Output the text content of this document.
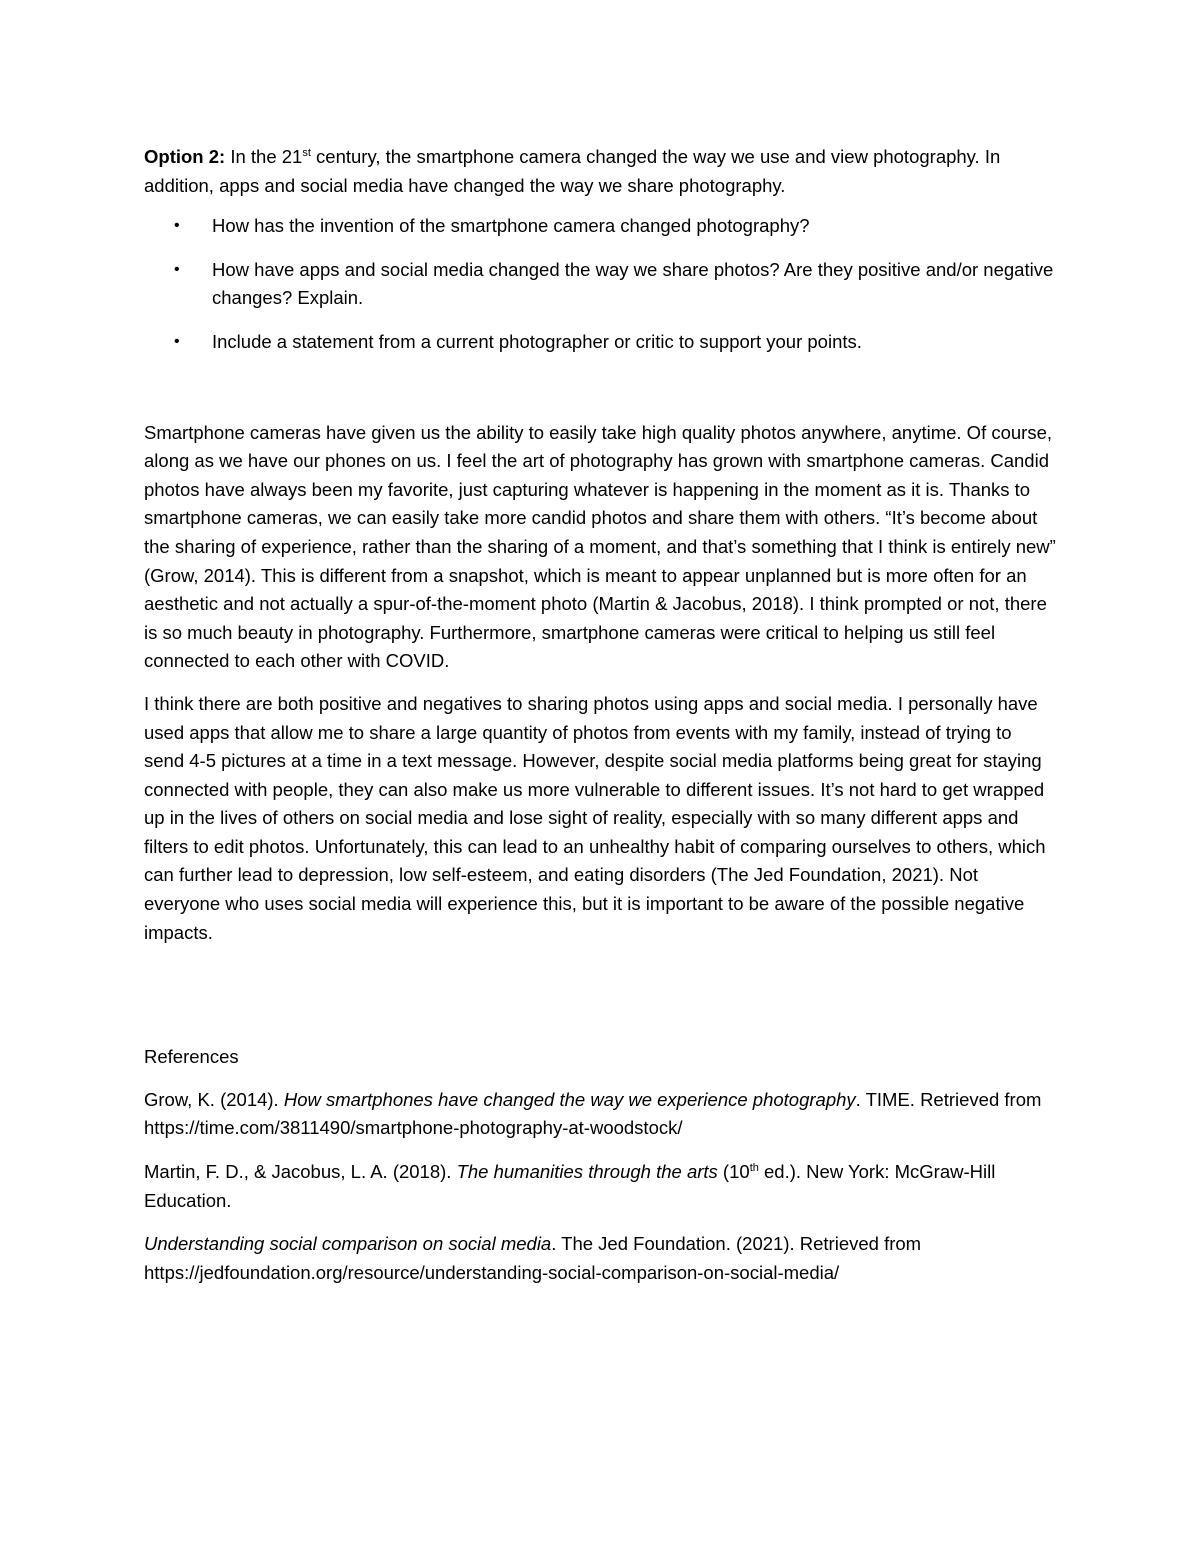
Option 2: In the 21st century, the smartphone camera changed the way we use and view photography. In addition, apps and social media have changed the way we share photography.

• How has the invention of the smartphone camera changed photography?
• How have apps and social media changed the way we share photos? Are they positive and/or negative changes? Explain.
• Include a statement from a current photographer or critic to support your points.

Smartphone cameras have given us the ability to easily take high quality photos anywhere, anytime. Of course, along as we have our phones on us. I feel the art of photography has grown with smartphone cameras. Candid photos have always been my favorite, just capturing whatever is happening in the moment as it is. Thanks to smartphone cameras, we can easily take more candid photos and share them with others. “It’s become about the sharing of experience, rather than the sharing of a moment, and that’s something that I think is entirely new” (Grow, 2014). This is different from a snapshot, which is meant to appear unplanned but is more often for an aesthetic and not actually a spur-of-the-moment photo (Martin & Jacobus, 2018). I think prompted or not, there is so much beauty in photography. Furthermore, smartphone cameras were critical to helping us still feel connected to each other with COVID.

I think there are both positive and negatives to sharing photos using apps and social media. I personally have used apps that allow me to share a large quantity of photos from events with my family, instead of trying to send 4-5 pictures at a time in a text message. However, despite social media platforms being great for staying connected with people, they can also make us more vulnerable to different issues. It’s not hard to get wrapped up in the lives of others on social media and lose sight of reality, especially with so many different apps and filters to edit photos. Unfortunately, this can lead to an unhealthy habit of comparing ourselves to others, which can further lead to depression, low self-esteem, and eating disorders (The Jed Foundation, 2021). Not everyone who uses social media will experience this, but it is important to be aware of the possible negative impacts.

References

Grow, K. (2014). How smartphones have changed the way we experience photography. TIME. Retrieved from https://time.com/3811490/smartphone-photography-at-woodstock/

Martin, F. D., & Jacobus, L. A. (2018). The humanities through the arts (10th ed.). New York: McGraw-Hill Education.

Understanding social comparison on social media. The Jed Foundation. (2021). Retrieved from https://jedfoundation.org/resource/understanding-social-comparison-on-social-media/
